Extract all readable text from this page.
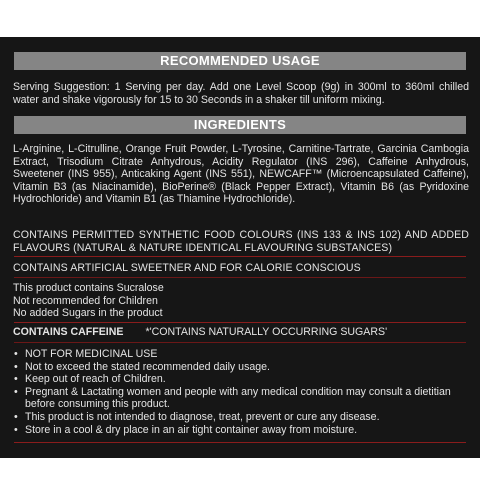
RECOMMENDED USAGE
Serving Suggestion: 1 Serving per day. Add one Level Scoop (9g) in 300ml to 360ml chilled water and shake vigorously for 15 to 30 Seconds in a shaker till uniform mixing.
INGREDIENTS
L-Arginine, L-Citrulline, Orange Fruit Powder, L-Tyrosine, Carnitine-Tartrate, Garcinia Cambogia Extract, Trisodium Citrate Anhydrous, Acidity Regulator (INS 296), Caffeine Anhydrous, Sweetener (INS 955), Anticaking Agent (INS 551), NEWCAFF™ (Microencapsulated Caffeine), Vitamin B3 (as Niacinamide), BioPerine® (Black Pepper Extract), Vitamin B6 (as Pyridoxine Hydrochloride) and Vitamin B1 (as Thiamine Hydrochloride).
CONTAINS PERMITTED SYNTHETIC FOOD COLOURS (INS 133 & INS 102) AND ADDED FLAVOURS (NATURAL & NATURE IDENTICAL FLAVOURING SUBSTANCES)
CONTAINS ARTIFICIAL SWEETNER AND FOR CALORIE CONSCIOUS
This product contains Sucralose
Not recommended for Children
No added Sugars in the product
CONTAINS CAFFEINE *'CONTAINS NATURALLY OCCURRING SUGARS'
• NOT FOR MEDICINAL USE
• Not to exceed the stated recommended daily usage.
• Keep out of reach of Children.
• Pregnant & Lactating women and people with any medical condition may consult a dietitian before consuming this product.
• This product is not intended to diagnose, treat, prevent or cure any disease.
• Store in a cool & dry place in an air tight container away from moisture.
